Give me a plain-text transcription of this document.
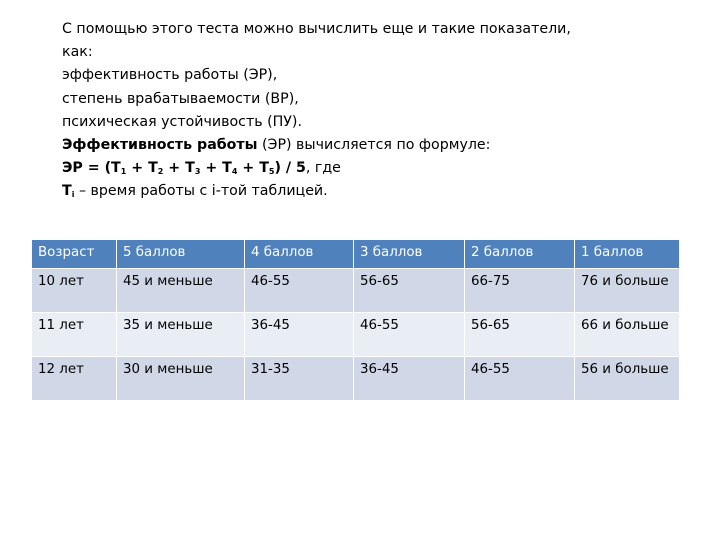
С помощью этого теста можно вычислить еще и такие показатели,

как:

эффективность работы (ЭР),

степень врабатываемости (ВР),

психическая устойчивость (ПУ).

Эффективность работы (ЭР) вычисляется по формуле:

ЭР = $(Т_1 + Т_2 + Т_3 + Т_4 + Т_5) / 5$, где

$Т_i$ – время работы с i-той таблицей.

Возраст	5 баллов	4 баллов	3 баллов	2 баллов	1 баллов
10 лет	45 и меньше	46-55	56-65	66-75	76 и больше
11 лет	35 и меньше	36-45	46-55	56-65	66 и больше
12 лет	30 и меньше	31-35	36-45	46-55	56 и больше
